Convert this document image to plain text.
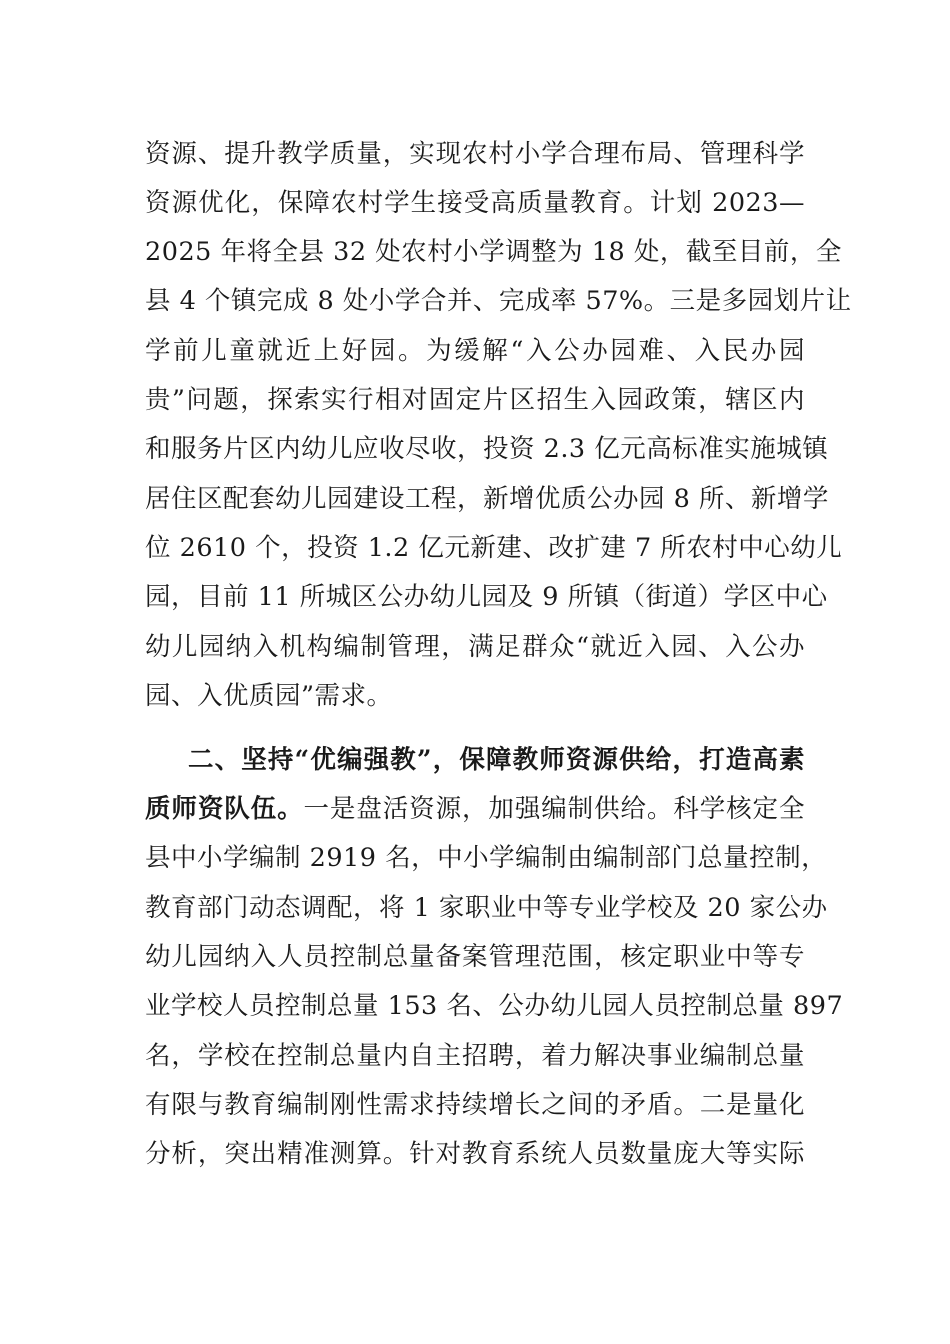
资源、提升教学质量，实现农村小学合理布局、管理科学
资源优化，保障农村学生接受高质量教育。计划 2023—
2025 年将全县 32 处农村小学调整为 18 处，截至目前，全
县 4 个镇完成 8 处小学合并、完成率 57%。三是多园划片让
学前儿童就近上好园。为缓解“入公办园难、入民办园
贵”问题，探索实行相对固定片区招生入园政策，辖区内
和服务片区内幼儿应收尽收，投资 2.3 亿元高标准实施城镇
居住区配套幼儿园建设工程，新增优质公办园 8 所、新增学
位 2610 个，投资 1.2 亿元新建、改扩建 7 所农村中心幼儿
园，目前 11 所城区公办幼儿园及 9 所镇（街道）学区中心
幼儿园纳入机构编制管理，满足群众“就近入园、入公办
园、入优质园”需求。
二、坚持“优编强教”，保障教师资源供给，打造高素
质师资队伍。一是盘活资源，加强编制供给。科学核定全
县中小学编制 2919 名，中小学编制由编制部门总量控制，
教育部门动态调配，将 1 家职业中等专业学校及 20 家公办
幼儿园纳入人员控制总量备案管理范围，核定职业中等专
业学校人员控制总量 153 名、公办幼儿园人员控制总量 897
名，学校在控制总量内自主招聘，着力解决事业编制总量
有限与教育编制刚性需求持续增长之间的矛盾。二是量化
分析，突出精准测算。针对教育系统人员数量庞大等实际
